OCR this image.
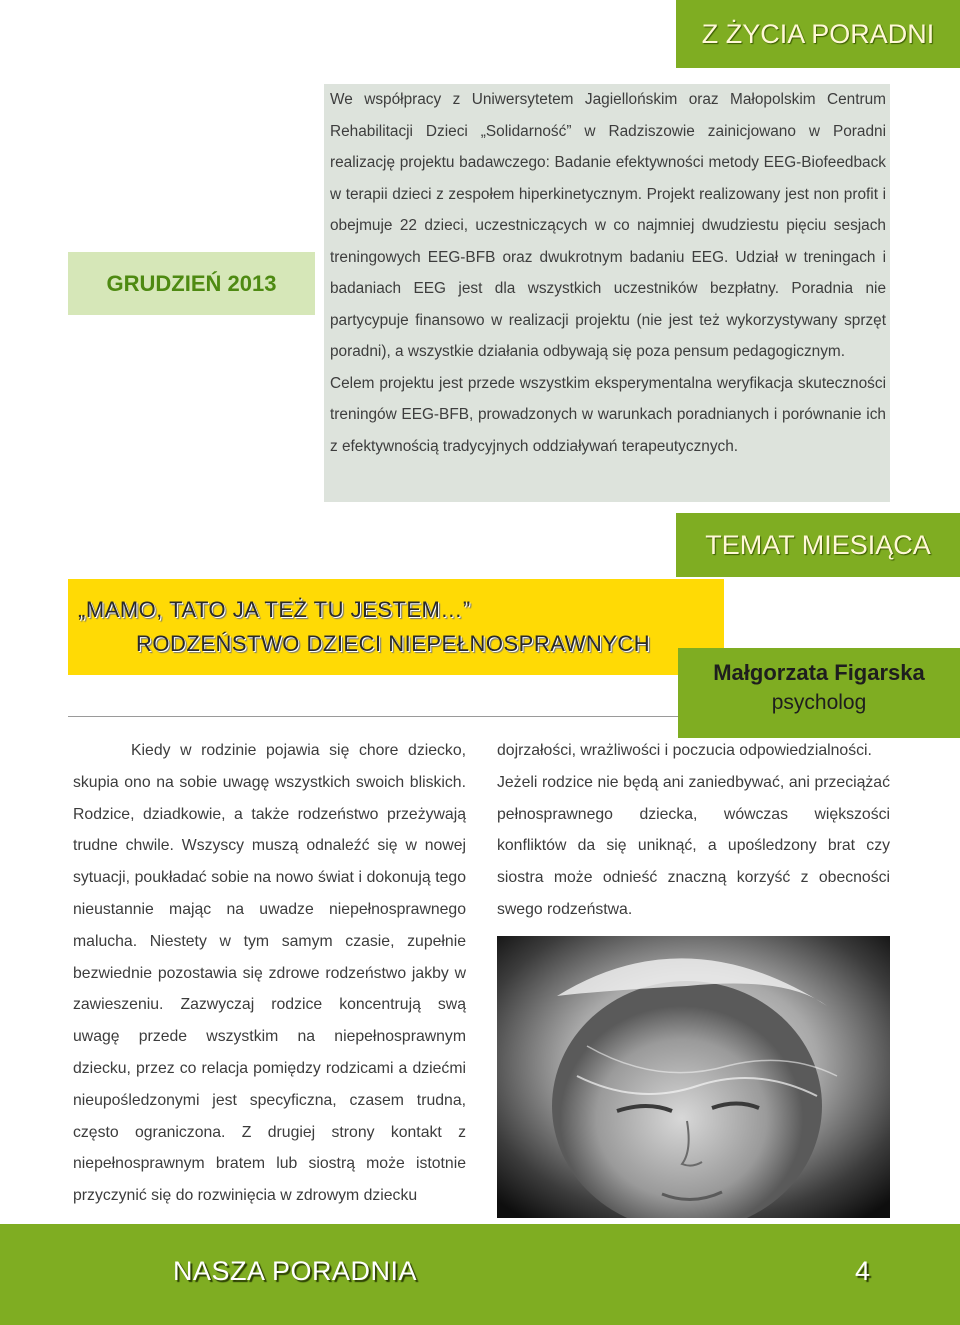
Z ŻYCIA PORADNI
GRUDZIEŃ 2013

We współpracy z Uniwersytetem Jagiellońskim oraz Małopolskim Centrum Rehabilitacji Dzieci „Solidarność” w Radziszowie zainicjowano w Poradni realizację projektu badawczego: Badanie efektywności metody EEG-Biofeedback w terapii dzieci z zespołem hiperkinetycznym. Projekt realizowany jest non profit i obejmuje 22 dzieci, uczestniczących w co najmniej dwudziestu pięciu sesjach treningowych EEG-BFB oraz dwukrotnym badaniu EEG. Udział w treningach i badaniach EEG jest dla wszystkich uczestników bezpłatny. Poradnia nie partycypuje finansowo w realizacji projektu (nie jest też wykorzystywany sprzęt poradni), a wszystkie działania odbywają się poza pensum pedagogicznym.

Celem projektu jest przede wszystkim eksperymentalna weryfikacja skuteczności treningów EEG-BFB, prowadzonych w warunkach poradnianych i porównanie ich z efektywnością tradycyjnych oddziaływań terapeutycznych.

TEMAT MIESIĄCA
„MAMO, TATO JA TEŻ TU JESTEM…”
RODZEŃSTWO DZIECI NIEPEŁNOSPRAWNYCH
Małgorzata Figarska
psycholog

Kiedy w rodzinie pojawia się chore dziecko, skupia ono na sobie uwagę wszystkich swoich bliskich. Rodzice, dziadkowie, a także rodzeństwo przeżywają trudne chwile. Wszyscy muszą odnaleźć się w nowej sytuacji, poukładać sobie na nowo świat i dokonują tego nieustannie mając na uwadze niepełnosprawnego malucha. Niestety w tym samym czasie, zupełnie bezwiednie pozostawia się zdrowe rodzeństwo jakby w zawieszeniu. Zazwyczaj rodzice koncentrują swą uwagę przede wszystkim na niepełnosprawnym dziecku, przez co relacja pomiędzy rodzicami a dziećmi nieupośledzonymi jest specyficzna, czasem trudna, często ograniczona. Z drugiej strony kontakt z niepełnosprawnym bratem lub siostrą może istotnie przyczynić się do rozwinięcia w zdrowym dziecku

dojrzałości, wrażliwości i poczucia odpowiedzialności.

Jeżeli rodzice nie będą ani zaniedbywać, ani przeciążać pełnosprawnego dziecka, wówczas większości konfliktów da się uniknąć, a upośledzony brat czy siostra może odnieść znaczną korzyść z obecności swego rodzeństwa.

NASZA PORADNIA	4
